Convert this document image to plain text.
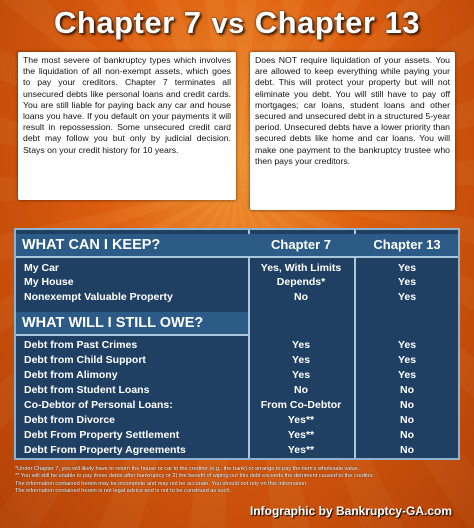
Chapter 7 vs Chapter 13
The most severe of bankruptcy types which involves the liquidation of all non-exempt assets, which goes to pay your creditors. Chapter 7 terminates all unsecured debts like personal loans and credit cards. You are still liable for paying back any car and house loans you have. If you default on your payments it will result in repossession. Some unsecured credit card debt may follow you but only by judicial decision. Stays on your credit history for 10 years.
Does NOT require liquidation of your assets. You are allowed to keep everything while paying your debt. This will protect your property but will not eliminate you debt. You will still have to pay off mortgages; car loans, student loans and other secured and unsecured debt in a structured 5-year period. Unsecured debts have a lower priority than secured debts like home and car loans. You will make one payment to the bankruptcy trustee who then pays your creditors.
WHAT CAN I KEEP?	Chapter 7	Chapter 13
My Car	Yes, With Limits	Yes
My House	Depends*	Yes
Nonexempt Valuable Property	No	Yes
WHAT WILL I STILL OWE?
Debt from Past Crimes	Yes	Yes
Debt from Child Support	Yes	Yes
Debt from Alimony	Yes	Yes
Debt from Student Loans	No	No
Co-Debtor of Personal Loans:	From Co-Debtor	No
Debt from Divorce	Yes**	No
Debt From Property Settlement	Yes**	No
Debt From Property Agreements	Yes**	No
*Under Chapter 7, you will likely have to return the house or car to the creditor (e.g., the bank) or arrange to pay the item's wholesale value.
** You will still be unable to pay these debts after bankruptcy or 2) the benefit of wiping out this debt exceeds the detriment caused to the creditor.
The information contained herein may be incomplete and may not be accurate. You should not rely on this information.
The information contained herein is not legal advice and is not to be construed as such.
Infographic by Bankruptcy-GA.com
